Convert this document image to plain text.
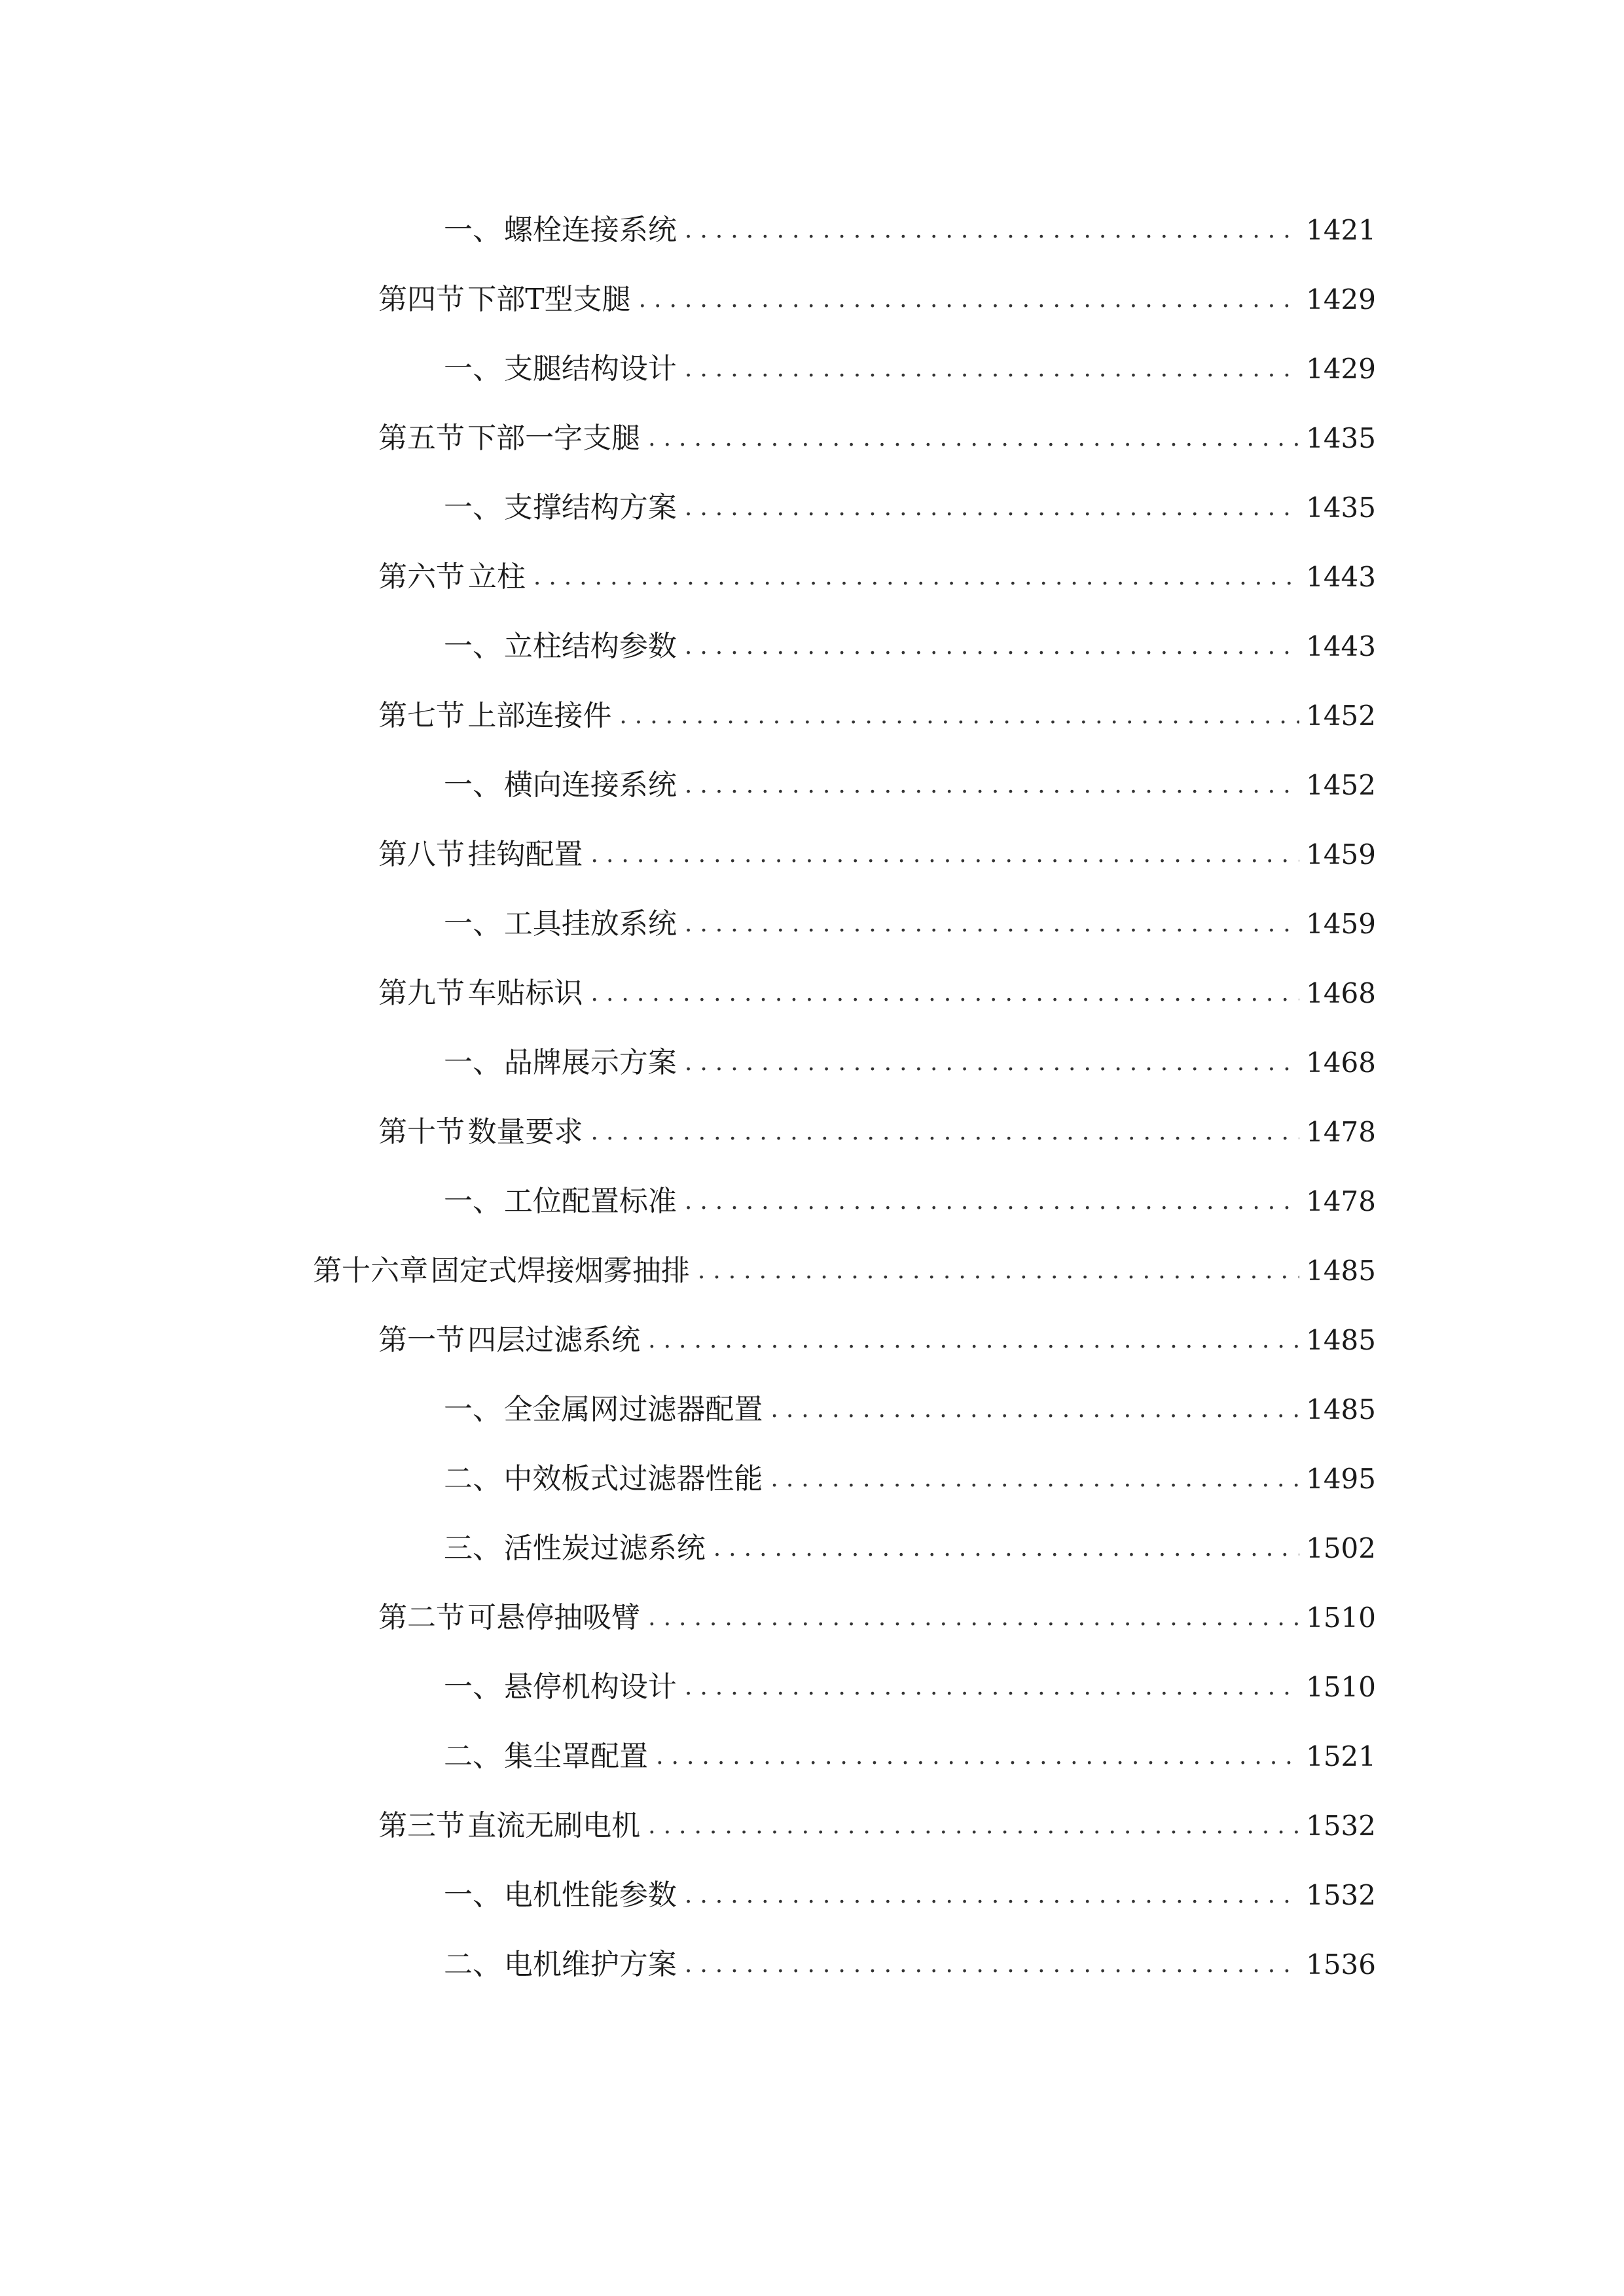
一、 螺栓连接系统 .....	1421
第四节 下部T型支腿 .....	1429
一、 支腿结构设计 .....	1429
第五节 下部一字支腿 .....	1435
一、 支撑结构方案 .....	1435
第六节 立柱 .....	1443
一、 立柱结构参数 .....	1443
第七节 上部连接件 .....	1452
一、 横向连接系统 .....	1452
第八节 挂钩配置 .....	1459
一、 工具挂放系统 .....	1459
第九节 车贴标识 .....	1468
一、 品牌展示方案 .....	1468
第十节 数量要求 .....	1478
一、 工位配置标准 .....	1478
第十六章 固定式焊接烟雾抽排 .....	1485
第一节 四层过滤系统 .....	1485
一、 全金属网过滤器配置 .....	1485
二、 中效板式过滤器性能 .....	1495
三、 活性炭过滤系统 .....	1502
第二节 可悬停抽吸臂 .....	1510
一、 悬停机构设计 .....	1510
二、 集尘罩配置 .....	1521
第三节 直流无刷电机 .....	1532
一、 电机性能参数 .....	1532
二、 电机维护方案 .....	1536
